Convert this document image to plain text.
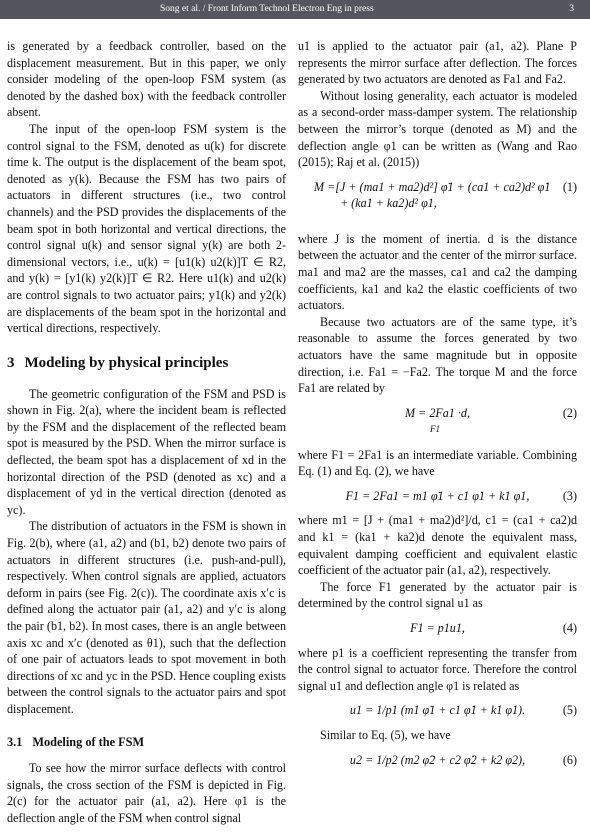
Song et al. / Front Inform Technol Electron Eng in press	3

is generated by a feedback controller, based on the displacement measurement. But in this paper, we only consider modeling of the open-loop FSM system (as denoted by the dashed box) with the feedback controller absent.

The input of the open-loop FSM system is the control signal to the FSM, denoted as u(k) for discrete time k. The output is the displacement of the beam spot, denoted as y(k). Because the FSM has two pairs of actuators in different structures (i.e., two control channels) and the PSD provides the displacements of the beam spot in both horizontal and vertical directions, the control signal u(k) and sensor signal y(k) are both 2-dimensional vectors, i.e., u(k) = [u1(k) u2(k)]T ∈ R2, and y(k) = [y1(k) y2(k)]T ∈ R2. Here u1(k) and u2(k) are control signals to two actuator pairs; y1(k) and y2(k) are displacements of the beam spot in the horizontal and vertical directions, respectively.

3 Modeling by physical principles

The geometric configuration of the FSM and PSD is shown in Fig. 2(a), where the incident beam is reflected by the FSM and the displacement of the reflected beam spot is measured by the PSD. When the mirror surface is deflected, the beam spot has a displacement of xd in the horizontal direction of the PSD (denoted as xc) and a displacement of yd in the vertical direction (denoted as yc).

The distribution of actuators in the FSM is shown in Fig. 2(b), where (a1, a2) and (b1, b2) denote two pairs of actuators in different structures (i.e. push-and-pull), respectively. When control signals are applied, actuators deform in pairs (see Fig. 2(c)). The coordinate axis x′c is defined along the actuator pair (a1, a2) and y′c is along the pair (b1, b2). In most cases, there is an angle between axis xc and x′c (denoted as θ1), such that the deflection of one pair of actuators leads to spot movement in both directions of xc and yc in the PSD. Hence coupling exists between the control signals to the actuator pairs and spot displacement.

3.1 Modeling of the FSM

To see how the mirror surface deflects with control signals, the cross section of the FSM is depicted in Fig. 2(c) for the actuator pair (a1, a2). Here φ1 is the deflection angle of the FSM when control signal

u1 is applied to the actuator pair (a1, a2). Plane P represents the mirror surface after deflection. The forces generated by two actuators are denoted as Fa1 and Fa2.

Without losing generality, each actuator is modeled as a second-order mass-damper system. The relationship between the mirror’s torque (denoted as M) and the deflection angle φ1 can be written as (Wang and Rao (2015); Raj et al. (2015))

M =[J + (ma1 + ma2)d²] φ̈1 + (ca1 + ca2)d² φ̇1
+ (ka1 + ka2)d² φ1,
(1)

where J is the moment of inertia. d is the distance between the actuator and the center of the mirror surface. ma1 and ma2 are the masses, ca1 and ca2 the damping coefficients, ka1 and ka2 the elastic coefficients of two actuators.

Because two actuators are of the same type, it’s reasonable to assume the forces generated by two actuators have the same magnitude but in opposite direction, i.e. Fa1 = −Fa2. The torque M and the force Fa1 are related by

M = 2Fa1 ·d,
F1
(2)

where F1 = 2Fa1 is an intermediate variable. Combining Eq. (1) and Eq. (2), we have

F1 = 2Fa1 = m1 φ̈1 + c1 φ̇1 + k1 φ1,	(3)

where m1 = [J + (ma1 + ma2)d²]/d, c1 = (ca1 + ca2)d and k1 = (ka1 + ka2)d denote the equivalent mass, equivalent damping coefficient and equivalent elastic coefficient of the actuator pair (a1, a2), respectively.

The force F1 generated by the actuator pair is determined by the control signal u1 as

F1 = p1u1,	(4)

where p1 is a coefficient representing the transfer from the control signal to actuator force. Therefore the control signal u1 and deflection angle φ1 is related as

u1 = 1/p1 (m1 φ̈1 + c1 φ̇1 + k1 φ1).	(5)

Similar to Eq. (5), we have

u2 = 1/p2 (m2 φ̈2 + c2 φ̇2 + k2 φ2),	(6)
